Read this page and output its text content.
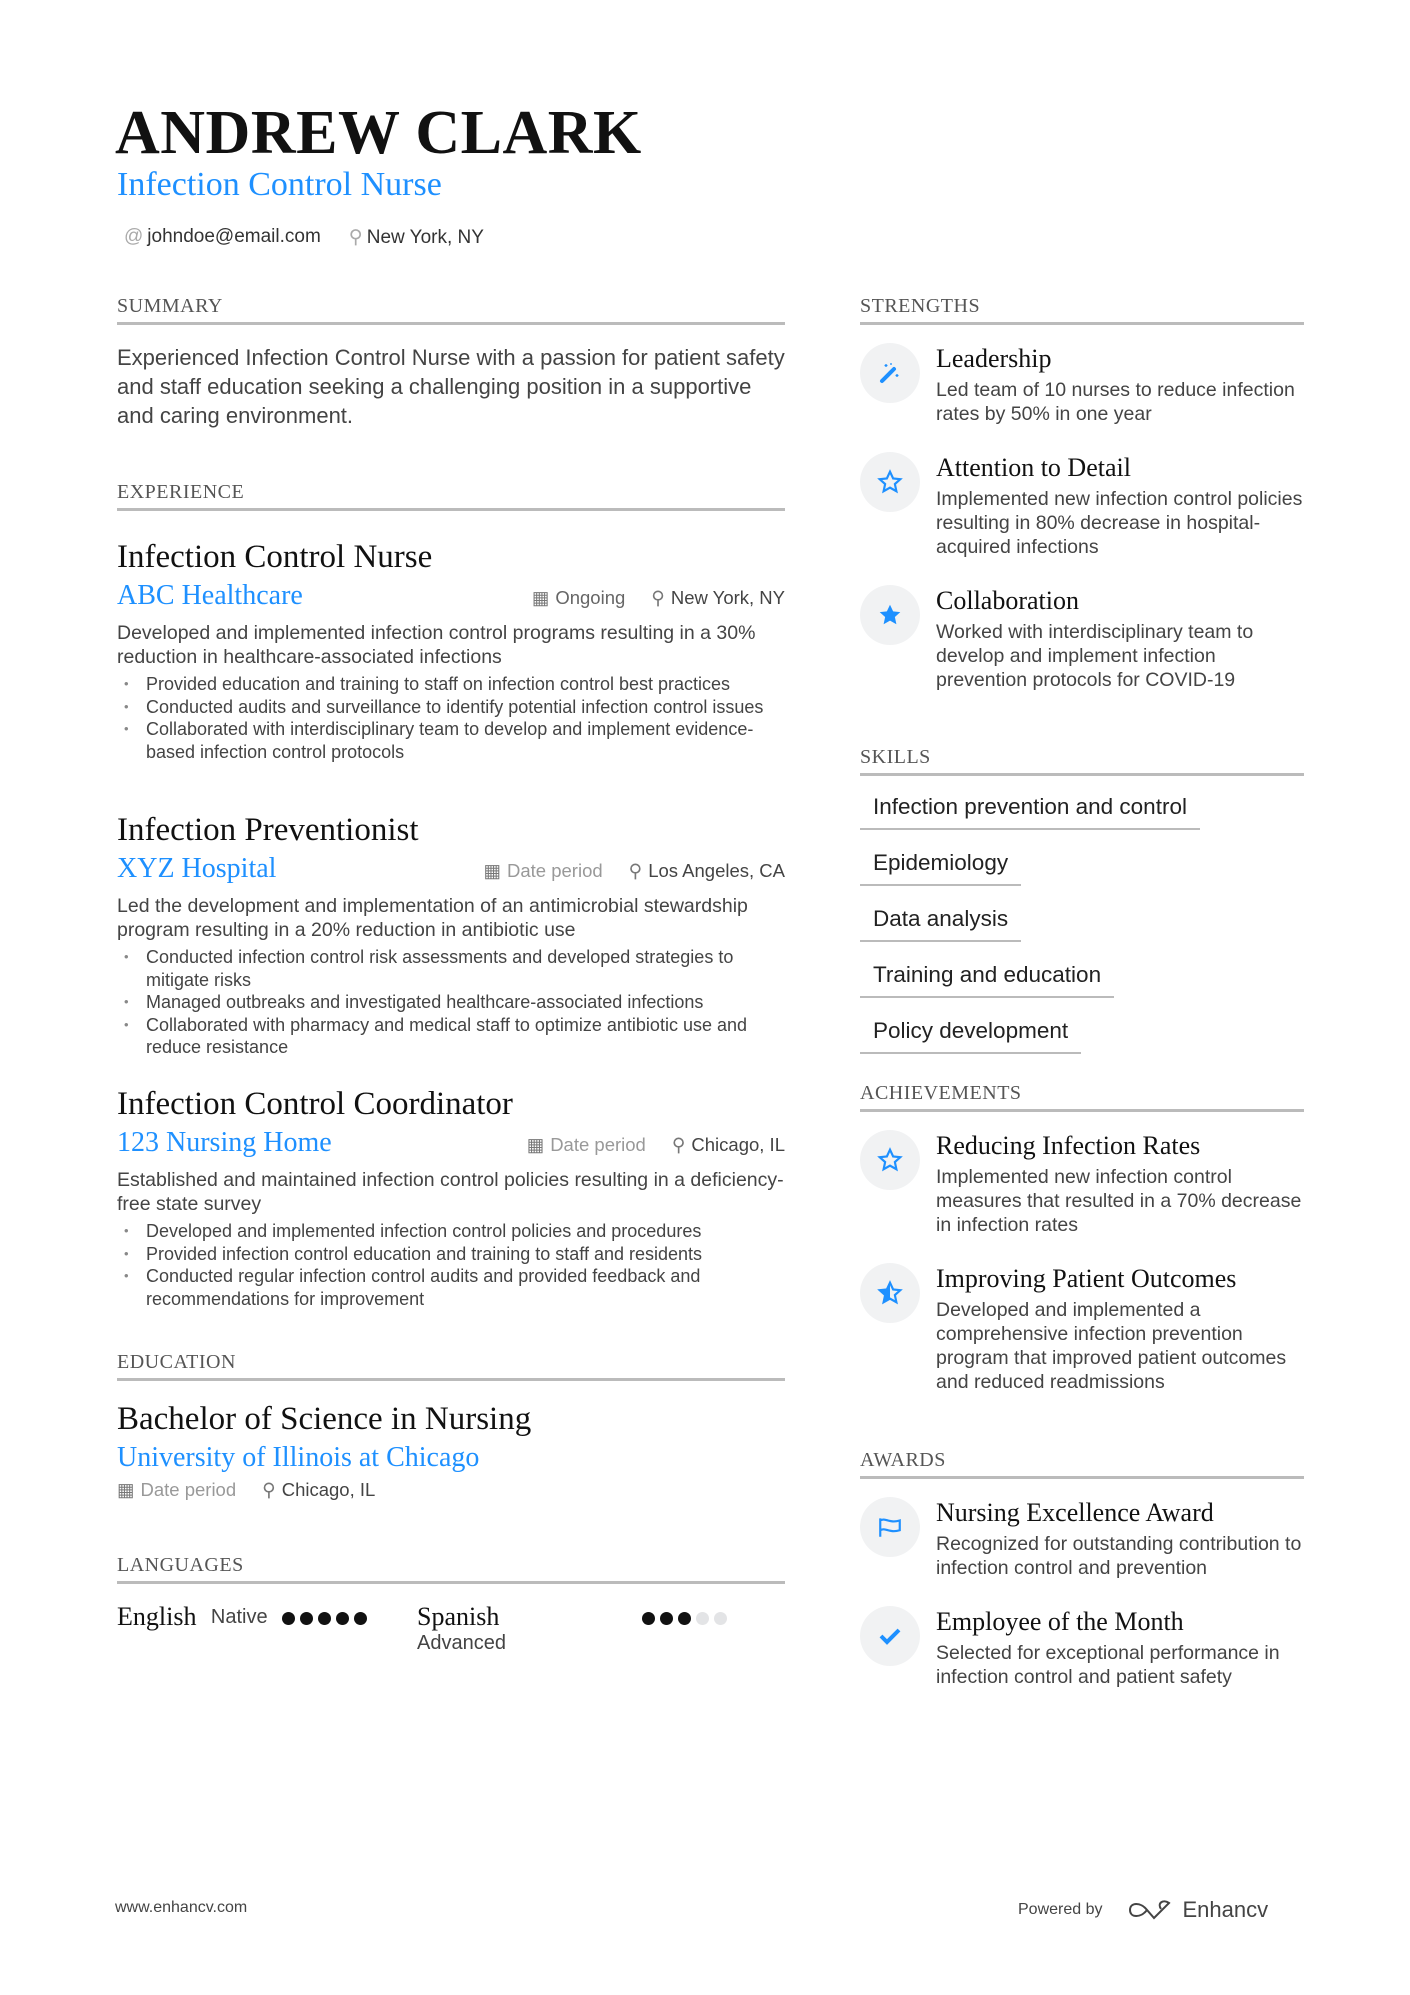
ANDREW CLARK
Infection Control Nurse
@ johndoe@email.com ⚲ New York, NY
SUMMARY
Experienced Infection Control Nurse with a passion for patient safety and staff education seeking a challenging position in a supportive and caring environment.
EXPERIENCE
Infection Control Nurse
ABC Healthcare	▦ Ongoing ⚲ New York, NY
Developed and implemented infection control programs resulting in a 30% reduction in healthcare-associated infections
• Provided education and training to staff on infection control best practices
• Conducted audits and surveillance to identify potential infection control issues
• Collaborated with interdisciplinary team to develop and implement evidence-based infection control protocols
Infection Preventionist
XYZ Hospital	▦ Date period ⚲ Los Angeles, CA
Led the development and implementation of an antimicrobial stewardship program resulting in a 20% reduction in antibiotic use
• Conducted infection control risk assessments and developed strategies to mitigate risks
• Managed outbreaks and investigated healthcare-associated infections
• Collaborated with pharmacy and medical staff to optimize antibiotic use and reduce resistance
Infection Control Coordinator
123 Nursing Home	▦ Date period ⚲ Chicago, IL
Established and maintained infection control policies resulting in a deficiency-free state survey
• Developed and implemented infection control policies and procedures
• Provided infection control education and training to staff and residents
• Conducted regular infection control audits and provided feedback and recommendations for improvement
EDUCATION
Bachelor of Science in Nursing
University of Illinois at Chicago
▦ Date period ⚲ Chicago, IL
LANGUAGES
English Native	Spanish
Advanced
STRENGTHS
Leadership
Led team of 10 nurses to reduce infection rates by 50% in one year
Attention to Detail
Implemented new infection control policies resulting in 80% decrease in hospital-acquired infections
Collaboration
Worked with interdisciplinary team to develop and implement infection prevention protocols for COVID-19
SKILLS
Infection prevention and controlEpidemiology
Data analysis
Training and education
Policy development
ACHIEVEMENTS
Reducing Infection Rates
Implemented new infection control measures that resulted in a 70% decrease in infection rates
Improving Patient Outcomes
Developed and implemented a comprehensive infection prevention program that improved patient outcomes and reduced readmissions
AWARDS
Nursing Excellence Award
Recognized for outstanding contribution to infection control and prevention
Employee of the Month
Selected for exceptional performance in infection control and patient safety
www.enhancv.com	Powered by	Enhancv
